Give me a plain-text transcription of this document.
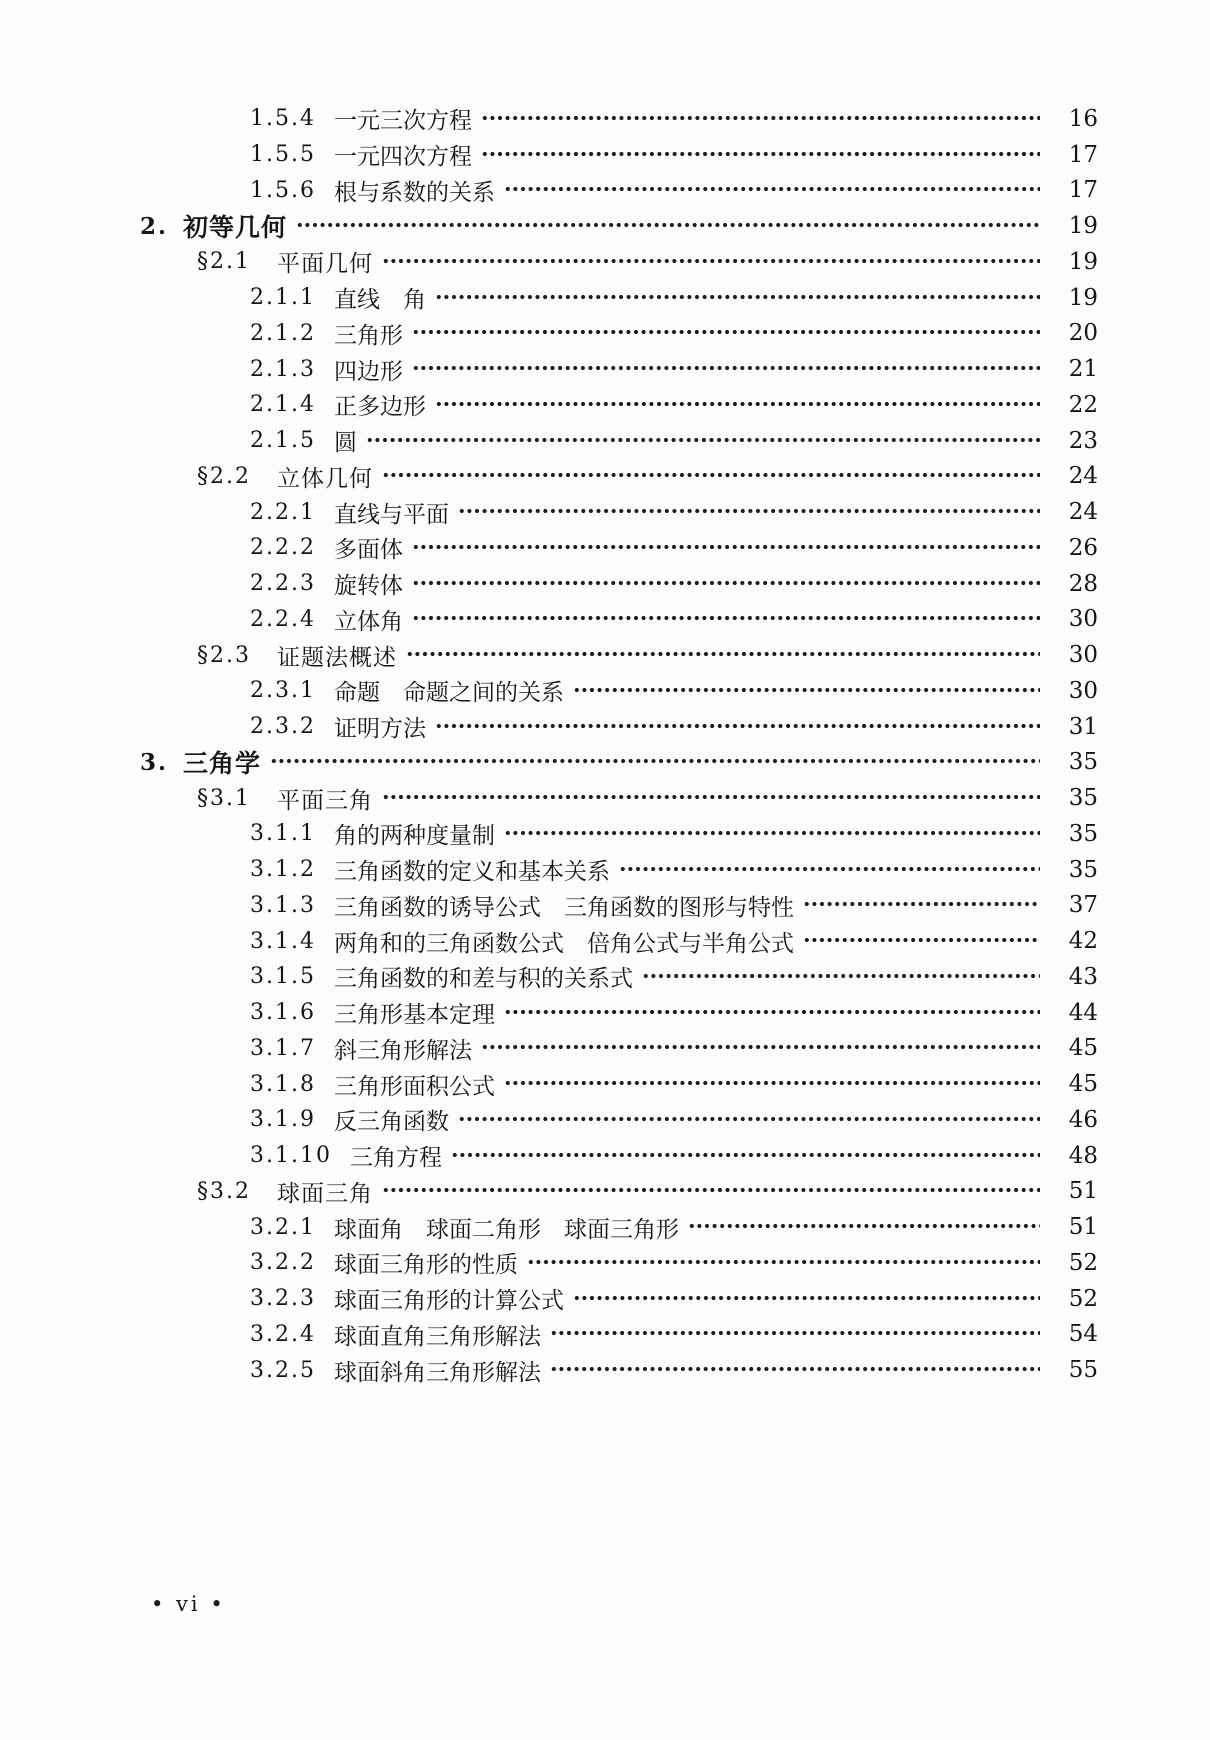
1.5.4 一元三次方程	16
1.5.5 一元四次方程	17
1.5.6 根与系数的关系	17
2. 初等几何	19
§2.1 平面几何	19
2.1.1 直线　角	19
2.1.2 三角形	20
2.1.3 四边形	21
2.1.4 正多边形	22
2.1.5 圆	23
§2.2 立体几何	24
2.2.1 直线与平面	24
2.2.2 多面体	26
2.2.3 旋转体	28
2.2.4 立体角	30
§2.3 证题法概述	30
2.3.1 命题　命题之间的关系	30
2.3.2 证明方法	31
3. 三角学	35
§3.1 平面三角	35
3.1.1 角的两种度量制	35
3.1.2 三角函数的定义和基本关系	35
3.1.3 三角函数的诱导公式　三角函数的图形与特性	37
3.1.4 两角和的三角函数公式　倍角公式与半角公式	42
3.1.5 三角函数的和差与积的关系式	43
3.1.6 三角形基本定理	44
3.1.7 斜三角形解法	45
3.1.8 三角形面积公式	45
3.1.9 反三角函数	46
3.1.10 三角方程	48
§3.2 球面三角	51
3.2.1 球面角　球面二角形　球面三角形	51
3.2.2 球面三角形的性质	52
3.2.3 球面三角形的计算公式	52
3.2.4 球面直角三角形解法	54
3.2.5 球面斜角三角形解法	55
• vi •
